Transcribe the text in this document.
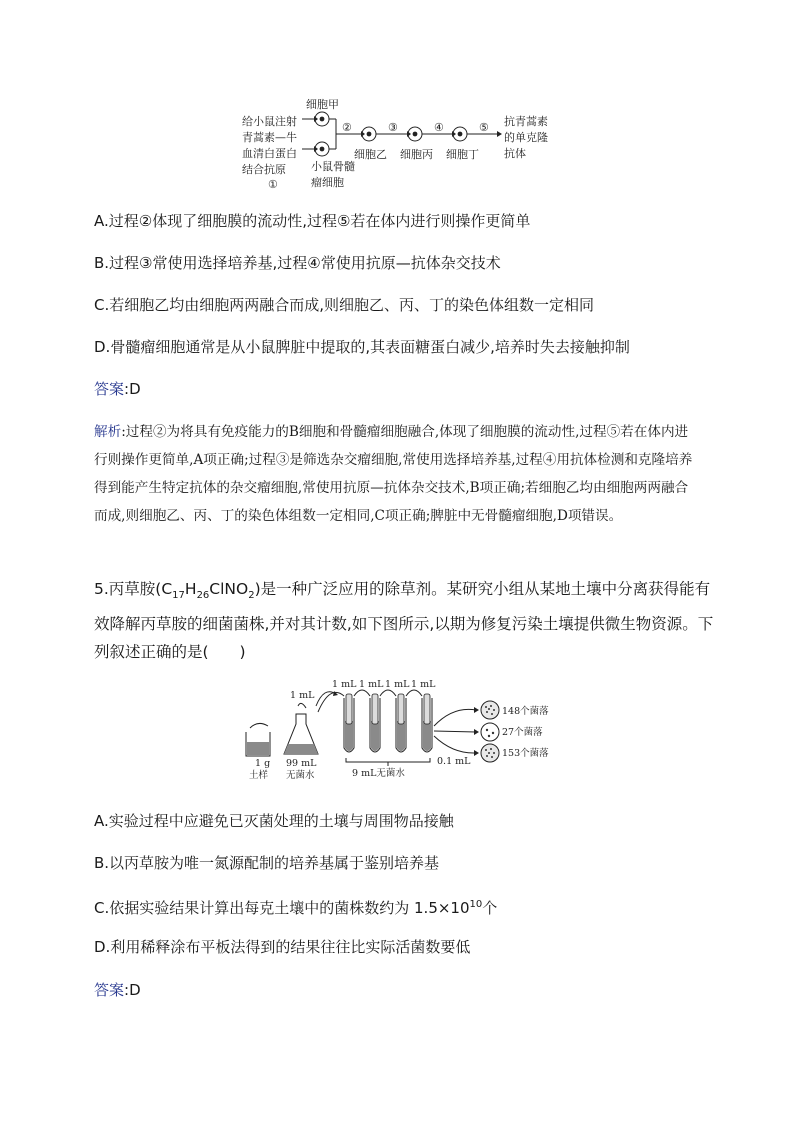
给小鼠注射
青蒿素—牛
血清白蛋白
结合抗原
①
细胞甲
小鼠骨髓
瘤细胞
②	③	④	⑤
细胞乙 细胞丙 细胞丁
抗青蒿素
的单克隆
抗体
A.过程②体现了细胞膜的流动性,过程⑤若在体内进行则操作更简单
B.过程③常使用选择培养基,过程④常使用抗原—抗体杂交技术
C.若细胞乙均由细胞两两融合而成,则细胞乙、丙、丁的染色体组数一定相同
D.骨髓瘤细胞通常是从小鼠脾脏中提取的,其表面糖蛋白减少,培养时失去接触抑制
答案:D
解析:过程②为将具有免疫能力的B细胞和骨髓瘤细胞融合,体现了细胞膜的流动性,过程⑤若在体内进行则操作更简单,A项正确;过程③是筛选杂交瘤细胞,常使用选择培养基,过程④用抗体检测和克隆培养得到能产生特定抗体的杂交瘤细胞,常使用抗原—抗体杂交技术,B项正确;若细胞乙均由细胞两两融合而成,则细胞乙、丙、丁的染色体组数一定相同,C项正确;脾脏中无骨髓瘤细胞,D项错误。
5.丙草胺$(C_{17}H_{26}ClNO_2)$是一种广泛应用的除草剂。某研究小组从某地土壤中分离获得能有效降解丙草胺的细菌菌株,并对其计数,如下图所示,以期为修复污染土壤提供微生物资源。下列叙述正确的是(　　)
1 mL
1 mL 1 mL 1 mL 1 mL
1 g
土样
99 mL
无菌水	9 mL无菌水
0.1 mL
148个菌落
27个菌落
153个菌落
A.实验过程中应避免已灭菌处理的土壤与周围物品接触
B.以丙草胺为唯一氮源配制的培养基属于鉴别培养基
C.依据实验结果计算出每克土壤中的菌株数约为 $1.5\times 10^{10}$个
D.利用稀释涂布平板法得到的结果往往比实际活菌数要低
答案:D
